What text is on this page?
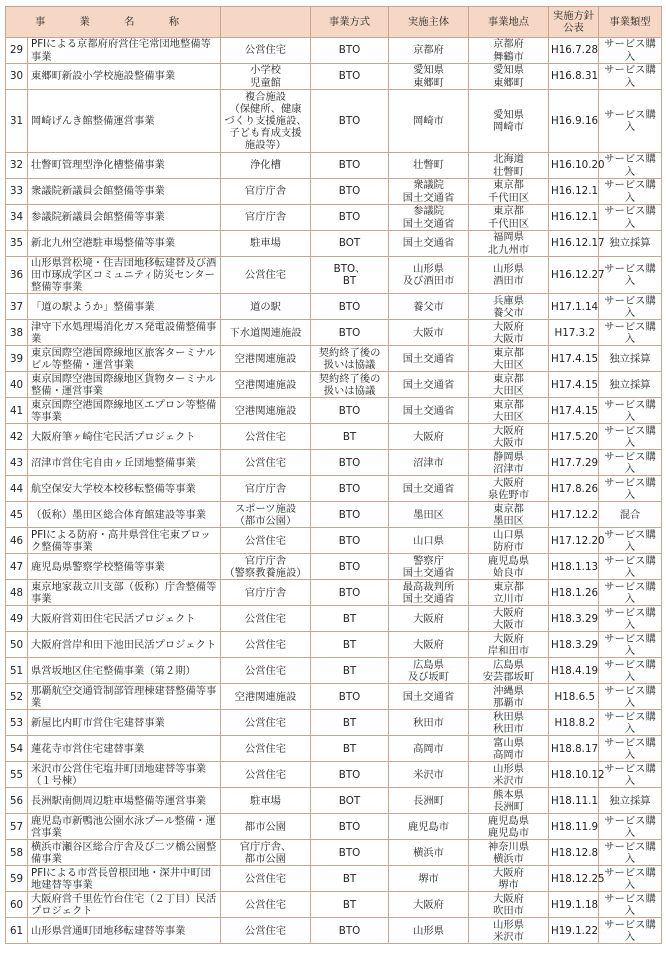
事　業　名　称			事業方式	実施主体	事業地点	実施方針公表	事業類型
29	PFIによる京都府府営住宅常団地整備等事業	公営住宅	BTO	京都府	京都府
舞鶴市	H16.7.28	サービス購入
30	東郷町新設小学校施設整備事業	小学校
児童館	BTO	愛知県
東郷町	愛知県
東郷町	H16.8.31	サービス購入
31	岡崎げんき館整備運営事業	複合施設
（保健所、健康
づくり支援施設、
子ども育成支援
施設等）	BTO	岡崎市	愛知県
岡崎市	H16.9.16	サービス購入
32	壮瞥町管理型浄化槽整備事業	浄化槽	BTO	壮瞥町	北海道
壮瞥町	H16.10.20	サービス購入
33	衆議院新議員会館整備等事業	官庁庁舎	BTO	衆議院
国土交通省	東京都
千代田区	H16.12.1	サービス購入
34	参議院新議員会館整備等事業	官庁庁舎	BTO	参議院
国土交通省	東京都
千代田区	H16.12.1	サービス購入
35	新北九州空港駐車場整備等事業	駐車場	BOT	国土交通省	福岡県
北九州市	H16.12.17	独立採算
36	山形県営松境・住吉団地移転建替及び酒田市琢成学区コミュニティ防災センター整備等事業	公営住宅	BTO、
BT	山形県
及び酒田市	山形県
酒田市	H16.12.27	サービス購入
37	「道の駅ようか」整備事業	道の駅	BTO	養父市	兵庫県
養父市	H17.1.14	サービス購入
38	津守下水処理場消化ガス発電設備整備事業	下水道関連施設	BTO	大阪市	大阪府
大阪市	H17.3.2	サービス購入
39	東京国際空港国際線地区旅客ターミナルビル等整備・運営事業	空港関連施設	契約終了後の
扱いは協議	国土交通省	東京都
大田区	H17.4.15	独立採算
40	東京国際空港国際線地区貨物ターミナル整備・運営事業	空港関連施設	契約終了後の
扱いは協議	国土交通省	東京都
大田区	H17.4.15	独立採算
41	東京国際空港国際線地区エプロン等整備等事業	空港関連施設	BTO	国土交通省	東京都
大田区	H17.4.15	サービス購入
42	大阪府筆ヶ崎住宅民活プロジェクト	公営住宅	BT	大阪府	大阪府
大阪市	H17.5.20	サービス購入
43	沼津市営住宅自由ヶ丘団地整備事業	公営住宅	BTO	沼津市	静岡県
沼津市	H17.7.29	サービス購入
44	航空保安大学校本校移転整備等事業	官庁庁舎	BTO	国土交通省	大阪府
泉佐野市	H17.8.26	サービス購入
45	（仮称）墨田区総合体育館建設等事業	スポーツ施設
（都市公園）	BTO	墨田区	東京都
墨田区	H17.12.2	混合
46	PFIによる防府・高井県営住宅東ブロック整備等事業	公営住宅	BTO	山口県	山口県
防府市	H17.12.20	サービス購入
47	鹿児島県警察学校整備等事業	官庁庁舎
（警察教養施設）	BTO	警察庁
国土交通省	鹿児島県
姶良市	H18.1.13	サービス購入
48	東京地家裁立川支部（仮称）庁舎整備等事業	官庁庁舎	BTO	最高裁判所
国土交通省	東京都
立川市	H18.1.26	サービス購入
49	大阪府営苅田住宅民活プロジェクト	公営住宅	BT	大阪府	大阪府
大阪市	H18.3.29	サービス購入
50	大阪府営岸和田下池田民活プロジェクト	公営住宅	BT	大阪府	大阪府
岸和田市	H18.3.29	サービス購入
51	県営坂地区住宅整備事業（第２期）	公営住宅	BT	広島県
及び坂町	広島県
安芸郡坂町	H18.4.19	サービス購入
52	那覇航空交通管制部管理棟建替整備等事業	空港関連施設	BTO	国土交通省	沖縄県
那覇市	H18.6.5	サービス購入
53	新屋比内町市営住宅建替事業	公営住宅	BT	秋田市	秋田県
秋田市	H18.8.2	サービス購入
54	蓮花寺市営住宅建替事業	公営住宅	BT	高岡市	富山県
高岡市	H18.8.17	サービス購入
55	米沢市公営住宅塩井町団地建替等事業（１号棟）	公営住宅	BTO	米沢市	山形県
米沢市	H18.10.12	サービス購入
56	長洲駅南側周辺駐車場整備等運営事業	駐車場	BOT	長洲町	熊本県
長洲町	H18.11.1	独立採算
57	鹿児島市新鴨池公園水泳プール整備・運営事業	都市公園	BTO	鹿児島市	鹿児島県
鹿児島市	H18.11.9	サービス購入
58	横浜市瀬谷区総合庁舎及び二ツ橋公園整備事業	官庁庁舎、
都市公園	BTO	横浜市	神奈川県
横浜市	H18.12.8	サービス購入
59	PFIによる市営長曽根団地・深井中町団地建替等事業	公営住宅	BT	堺市	大阪府
堺市	H18.12.25	サービス購入
60	大阪府営千里佐竹台住宅（２丁目）民活プロジェクト	公営住宅	BT	大阪府	大阪府
吹田市	H19.1.18	サービス購入
61	山形県営通町団地移転建替等事業	公営住宅	BTO	山形県	山形県
米沢市	H19.1.22	サービス購入
